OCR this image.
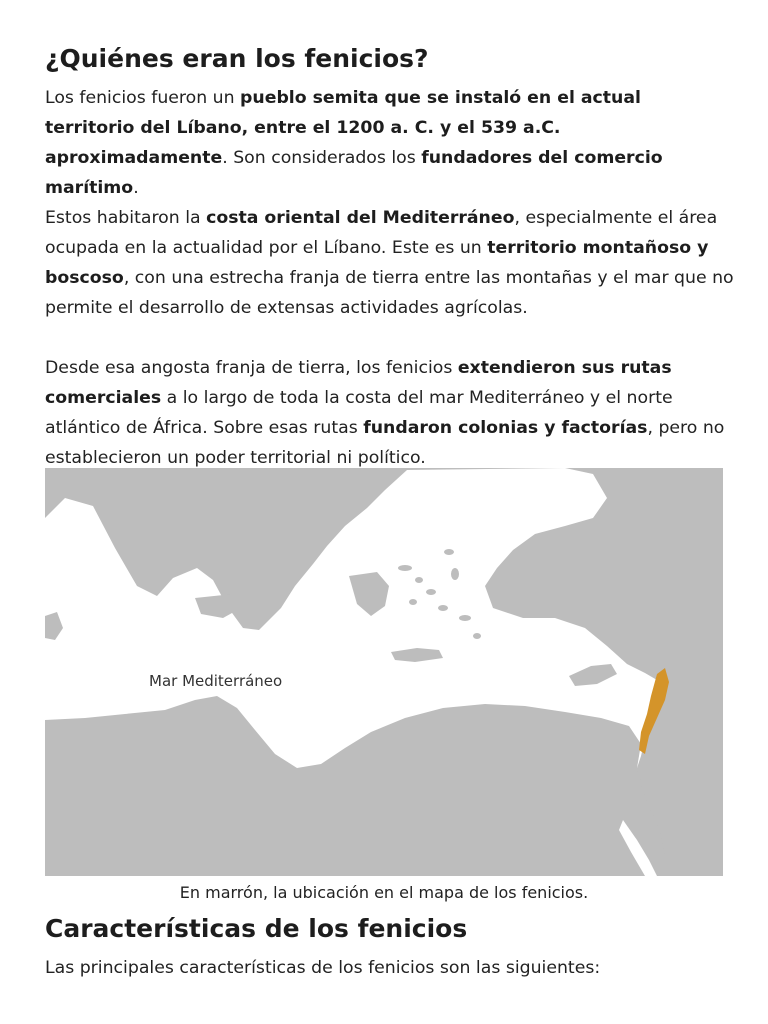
¿Quiénes eran los fenicios?

Los fenicios fueron un pueblo semita que se instaló en el actual territorio del Líbano, entre el 1200 a. C. y el 539 a.C. aproximadamente. Son considerados los fundadores del comercio marítimo.

Estos habitaron la costa oriental del Mediterráneo, especialmente el área ocupada en la actualidad por el Líbano. Este es un territorio montañoso y boscoso, con una estrecha franja de tierra entre las montañas y el mar que no permite el desarrollo de extensas actividades agrícolas.

Desde esa angosta franja de tierra, los fenicios extendieron sus rutas comerciales a lo largo de toda la costa del mar Mediterráneo y el norte atlántico de África. Sobre esas rutas fundaron colonias y factorías, pero no establecieron un poder territorial ni político.

Mar Mediterráneo
En marrón, la ubicación en el mapa de los fenicios.
Características de los fenicios

Las principales características de los fenicios son las siguientes:
